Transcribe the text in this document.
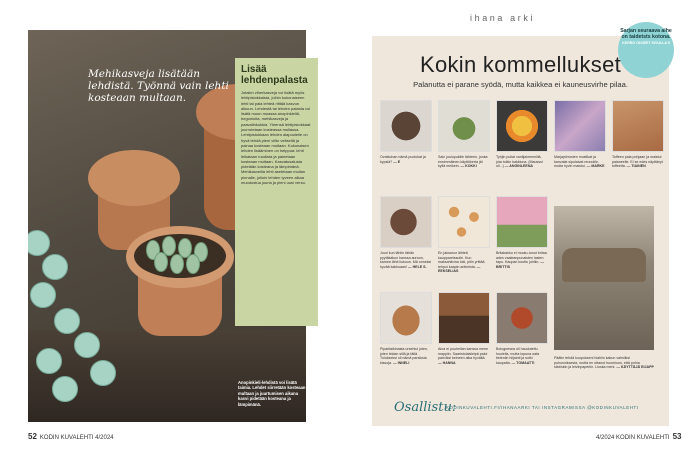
Mehikasveja lisätään lehdistä. Työnnä vain lehti kosteaan multaan.
Anopinkieli-lehdistä voi lisätä taimia. Lehdet siirretään kosteaan multaan ja juurtumisen aikana kasvi pidetään kosteana ja lämpimänä.
Lisää lehdenpalasta

Jotakin viherkasveja voi lisätä myös lehtipistokkaista, joihin kokonaiseen lehti tai pala lehteä riittää kasvun alkuun. Lehdestä tai lehden palasta voi lisätä muun muassa anopinkieliä, begonioita, mehikasveja ja paavalinkukkia. Yleensä lehtipistokkaat juurrutetaan kosteassa mullassa. Lehtipistokkaan lehden alapuolelle on hyvä tehdä pieni viilto veitsellä ja painaa kosteaan multaan. Kokonaisen lehden lisääminen on helppoa: lehti leikataan ruodista ja painetaan kosteaan multaan. Kasvatusalusta pidetään kosteana ja lämpimänä. Mehikasveilla lehti asetetaan mullan pinnalle, jolloin lehden tyveen alkaa muodostua juuria ja pieni uusi verso.

52 KODIN KUVALEHTI 4/2024
ihana arki
Sarjan seuraava aihe on taidetsts kotona.
KERRO OHJEET SIVULLA 5
Kokin kommellukset
Palanutta ei parane syödä, mutta kaikkea ei kauneusvirhe pilaa.
Ovatkohan nämä puolukat ja kypsiä? — E
Sain joulupukille tähteen, jonka ensimmäinen käyttökerta jäi kyllä meikein. — KOKKI
Tyhjin puilat vaniljakreemillä, jota tulkin kakkiuna. (Mausssi oli...) — ANGINLEENA
Marjapiirrosten mustikat ja kanvalat sipulaivat reunoille, mutta hyvin maistui. — MARKE
Toffeen pala pohjaan ja maistui palaneelle. Ei se edes näyttänyt toffeelta. — TIAINEN
Juuri kun lähtin tähän pyytäkakun kanssa auroon, kamea lähti liukuun. Mä onneksi hyvää kakkuaan! — HELE S.
En jaksanur lähteä kauppareissulle. Kun maksahiivina loki, pitin yrittää tehpui kaapin antimista. — EEKSELIAS
Britakakku ei muotu-tunut britaa ades vaaleanpunaisten lasten tapo. Kaupan kouttu juhliin. — BRITTIS
Päätin tehdä kuopukseni hiahiin kakun valmiiksi puhonoiksesta, mutta en ottanut huomioon, että pohia siloiiskin ja leivinpaperiin. Liuska meni. — KÄYTTÄJÄ EIJAPP
Piparitaikinasta ursehtui joten, joten leidan sillä ja täitä. Tulokseksi oli nämä parsiksia kissoja. — INNELI
Aina ei puuhelian kanssa mene mappiin. Saaristolaisleipä paloi pahviksi keineen aika hyvältä. — HANNA
Bolognesea oli haudutettu huolella, mutta lopuna oata tieteniin hiljainti ja sotki kaupalta. — TOMAATTI
Osallistu:
KODINKUVALEHTI.FI/IHANAARKI TAI INSTAGRAMISSA @KODINKUVALEHTI
4/2024 KODIN KUVALEHTI 53
